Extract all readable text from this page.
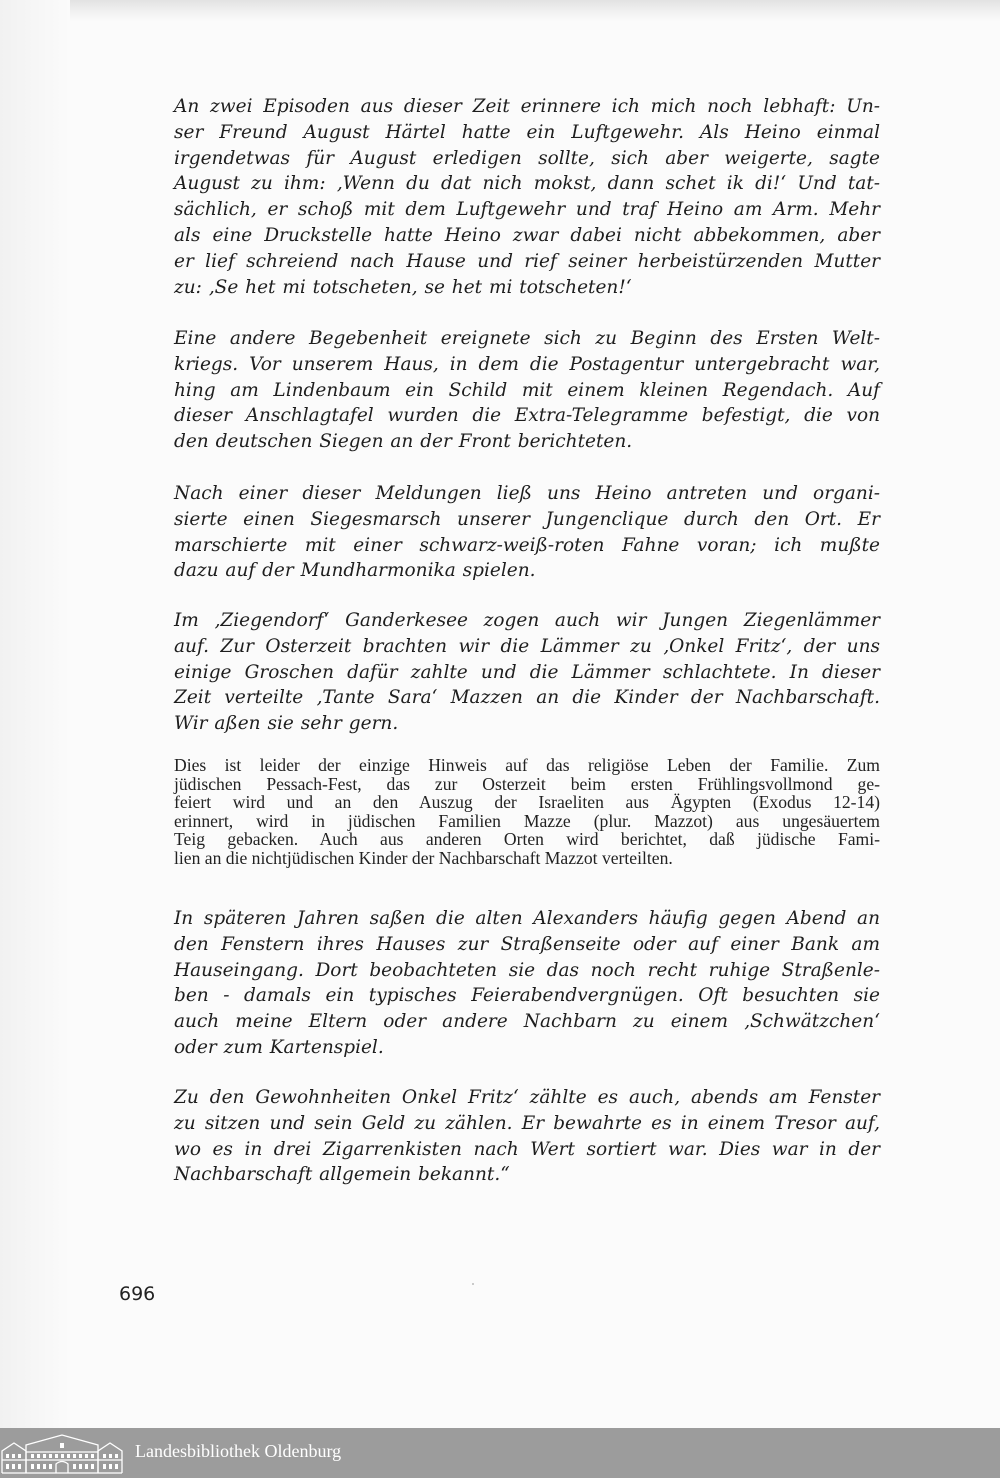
An zwei Episoden aus dieser Zeit erinnere ich mich noch lebhaft: Un-
ser Freund August Härtel hatte ein Luftgewehr. Als Heino einmal
irgendetwas für August erledigen sollte, sich aber weigerte, sagte
August zu ihm: ‚Wenn du dat nich mokst, dann schet ik di!‘ Und tat-
sächlich, er schoß mit dem Luftgewehr und traf Heino am Arm. Mehr
als eine Druckstelle hatte Heino zwar dabei nicht abbekommen, aber
er lief schreiend nach Hause und rief seiner herbeistürzenden Mutter
zu: ‚Se het mi totscheten, se het mi totscheten!‘

Eine andere Begebenheit ereignete sich zu Beginn des Ersten Welt-
kriegs. Vor unserem Haus, in dem die Postagentur untergebracht war,
hing am Lindenbaum ein Schild mit einem kleinen Regendach. Auf
dieser Anschlagtafel wurden die Extra-Telegramme befestigt, die von
den deutschen Siegen an der Front berichteten.

Nach einer dieser Meldungen ließ uns Heino antreten und organi-
sierte einen Siegesmarsch unserer Jungenclique durch den Ort. Er
marschierte mit einer schwarz-weiß-roten Fahne voran; ich mußte
dazu auf der Mundharmonika spielen.

Im ‚Ziegendorf‘ Ganderkesee zogen auch wir Jungen Ziegenlämmer
auf. Zur Osterzeit brachten wir die Lämmer zu ‚Onkel Fritz‘, der uns
einige Groschen dafür zahlte und die Lämmer schlachtete. In dieser
Zeit verteilte ‚Tante Sara‘ Mazzen an die Kinder der Nachbarschaft.
Wir aßen sie sehr gern.

Dies ist leider der einzige Hinweis auf das religiöse Leben der Familie. Zum
jüdischen Pessach-Fest, das zur Osterzeit beim ersten Frühlingsvollmond ge-
feiert wird und an den Auszug der Israeliten aus Ägypten (Exodus 12-14)
erinnert, wird in jüdischen Familien Mazze (plur. Mazzot) aus ungesäuertem
Teig gebacken. Auch aus anderen Orten wird berichtet, daß jüdische Fami-
lien an die nichtjüdischen Kinder der Nachbarschaft Mazzot verteilten.

In späteren Jahren saßen die alten Alexanders häufig gegen Abend an
den Fenstern ihres Hauses zur Straßenseite oder auf einer Bank am
Hauseingang. Dort beobachteten sie das noch recht ruhige Straßenle-
ben - damals ein typisches Feierabendvergnügen. Oft besuchten sie
auch meine Eltern oder andere Nachbarn zu einem ‚Schwätzchen‘
oder zum Kartenspiel.

Zu den Gewohnheiten Onkel Fritz‘ zählte es auch, abends am Fenster
zu sitzen und sein Geld zu zählen. Er bewahrte es in einem Tresor auf,
wo es in drei Zigarrenkisten nach Wert sortiert war. Dies war in der
Nachbarschaft allgemein bekannt.“

696

Landesbibliothek Oldenburg
